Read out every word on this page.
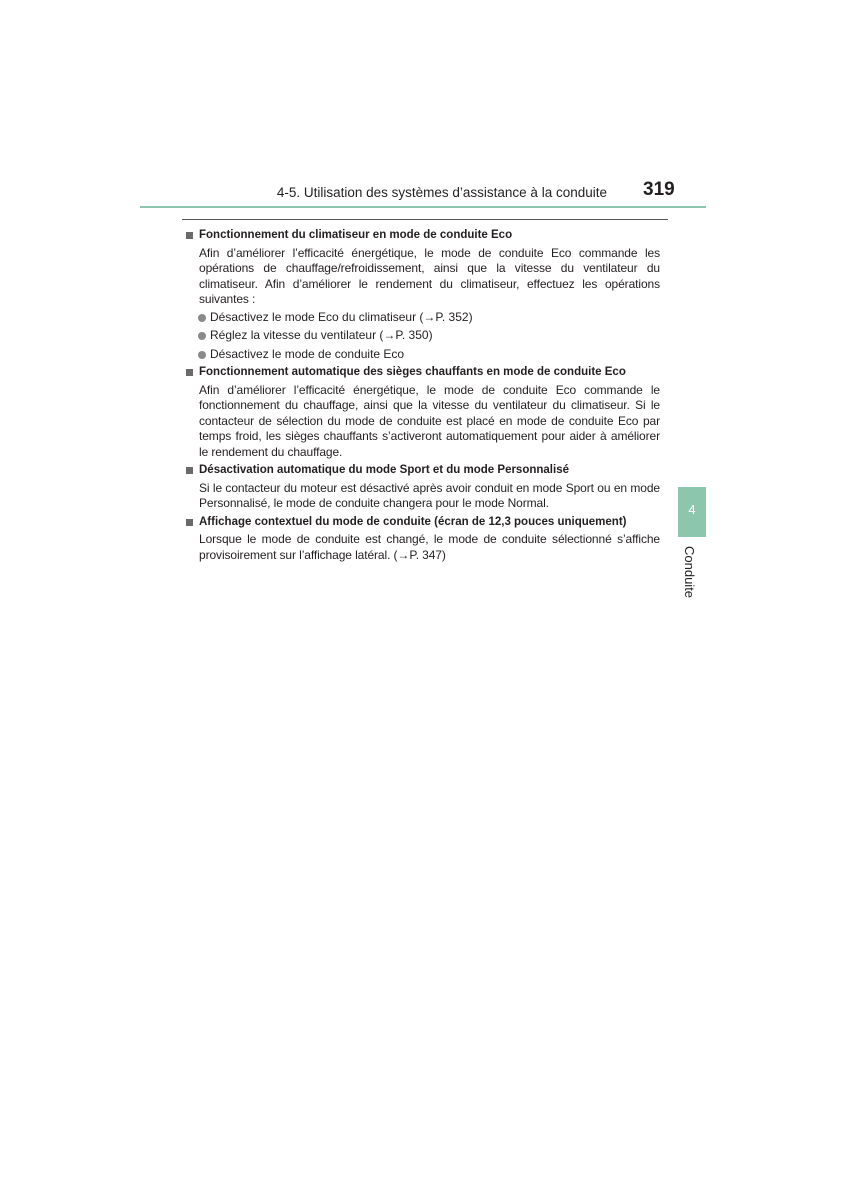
4-5. Utilisation des systèmes d’assistance à la conduite 319
Fonctionnement du climatiseur en mode de conduite Eco
Afin d’améliorer l’efficacité énergétique, le mode de conduite Eco commande les opérations de chauffage/refroidissement, ainsi que la vitesse du ventilateur du climatiseur. Afin d’améliorer le rendement du climatiseur, effectuez les opérations suivantes :
Désactivez le mode Eco du climatiseur (→P. 352)
Réglez la vitesse du ventilateur (→P. 350)
Désactivez le mode de conduite Eco
Fonctionnement automatique des sièges chauffants en mode de conduite Eco
Afin d’améliorer l’efficacité énergétique, le mode de conduite Eco commande le fonctionnement du chauffage, ainsi que la vitesse du ventilateur du climatiseur. Si le contacteur de sélection du mode de conduite est placé en mode de conduite Eco par temps froid, les sièges chauffants s’activeront automatiquement pour aider à améliorer le rendement du chauffage.
Désactivation automatique du mode Sport et du mode Personnalisé
Si le contacteur du moteur est désactivé après avoir conduit en mode Sport ou en mode Personnalisé, le mode de conduite changera pour le mode Normal.
Affichage contextuel du mode de conduite (écran de 12,3 pouces uniquement)
Lorsque le mode de conduite est changé, le mode de conduite sélectionné s’affiche provisoirement sur l’affichage latéral. (→P. 347)
4
Conduite
